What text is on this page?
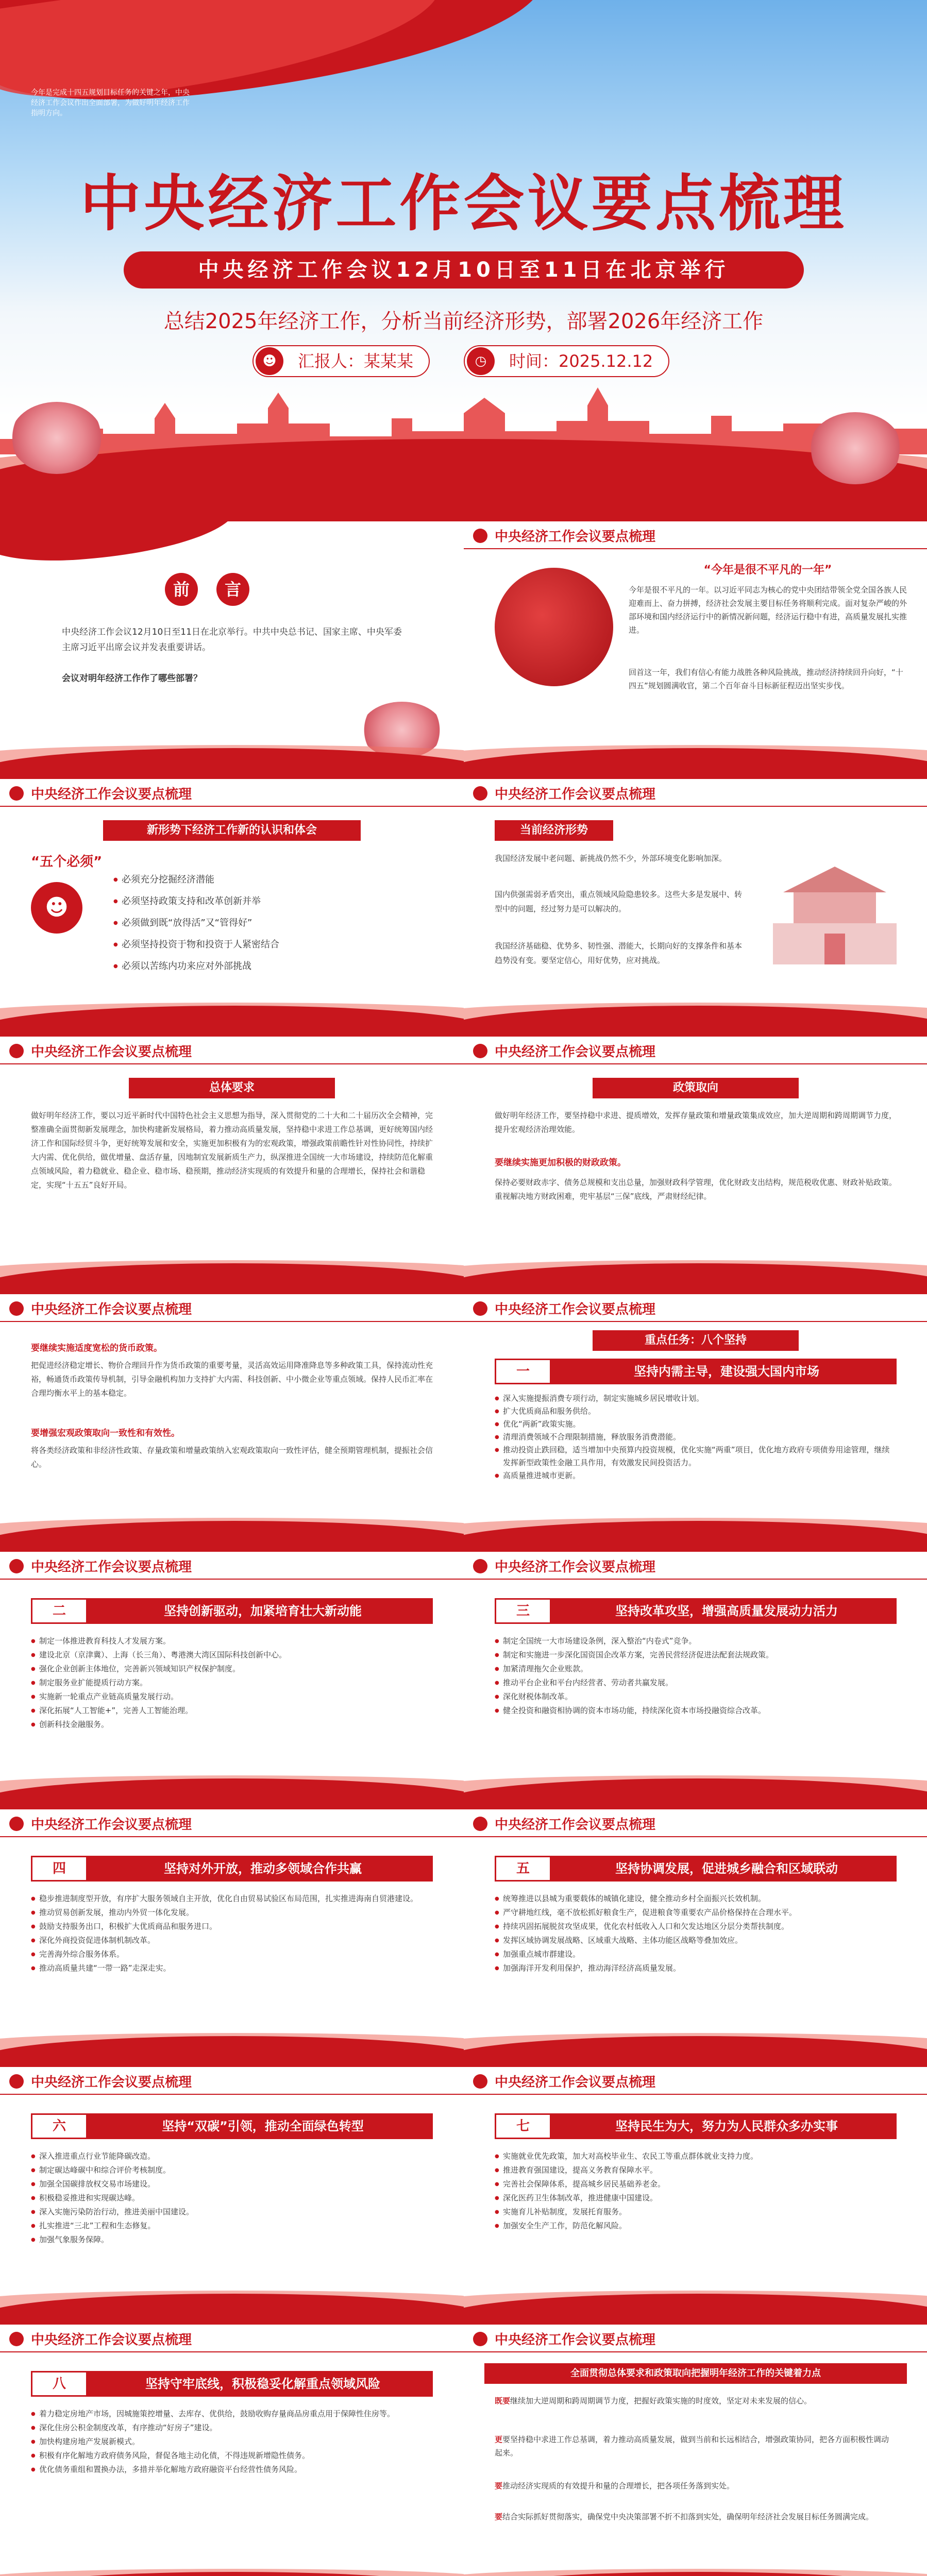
今年是完成十四五规划目标任务的关键之年，中央经济工作会议作出全面部署，为做好明年经济工作指明方向。
中央经济工作会议要点梳理
中央经济工作会议12月10日至11日在北京举行
总结2025年经济工作，分析当前经济形势，部署2026年经济工作
☻	汇报人：某某某	◷	时间：2025.12.12
前	言
中央经济工作会议12月10日至11日在北京举行。中共中央总书记、国家主席、中央军委主席习近平出席会议并发表重要讲话。
会议对明年经济工作作了哪些部署？
中央经济工作会议要点梳理
“今年是很不平凡的一年”
今年是很不平凡的一年。以习近平同志为核心的党中央团结带领全党全国各族人民迎难而上、奋力拼搏，经济社会发展主要目标任务将顺利完成。面对复杂严峻的外部环境和国内经济运行中的新情况新问题，经济运行稳中有进，高质量发展扎实推进。
回首这一年，我们有信心有能力战胜各种风险挑战，推动经济持续回升向好，“十四五”规划圆满收官，第二个百年奋斗目标新征程迈出坚实步伐。
中央经济工作会议要点梳理
新形势下经济工作新的认识和体会
“五个必须”
☻
● 必须充分挖掘经济潜能
● 必须坚持政策支持和改革创新并举
● 必须做到既“放得活”又“管得好”
● 必须坚持投资于物和投资于人紧密结合
● 必须以苦练内功来应对外部挑战
中央经济工作会议要点梳理
当前经济形势
我国经济发展中老问题、新挑战仍然不少，外部环境变化影响加深。
国内供强需弱矛盾突出，重点领域风险隐患较多。这些大多是发展中、转型中的问题，经过努力是可以解决的。
我国经济基础稳、优势多、韧性强、潜能大，长期向好的支撑条件和基本趋势没有变。要坚定信心，用好优势，应对挑战。
中央经济工作会议要点梳理
总体要求
做好明年经济工作，要以习近平新时代中国特色社会主义思想为指导，深入贯彻党的二十大和二十届历次全会精神，完整准确全面贯彻新发展理念，加快构建新发展格局，着力推动高质量发展，坚持稳中求进工作总基调，更好统筹国内经济工作和国际经贸斗争，更好统筹发展和安全，实施更加积极有为的宏观政策，增强政策前瞻性针对性协同性，持续扩大内需、优化供给，做优增量、盘活存量，因地制宜发展新质生产力，纵深推进全国统一大市场建设，持续防范化解重点领域风险，着力稳就业、稳企业、稳市场、稳预期，推动经济实现质的有效提升和量的合理增长，保持社会和谐稳定，实现“十五五”良好开局。
中央经济工作会议要点梳理
政策取向
做好明年经济工作，要坚持稳中求进、提质增效，发挥存量政策和增量政策集成效应，加大逆周期和跨周期调节力度，提升宏观经济治理效能。
要继续实施更加积极的财政政策。
保持必要财政赤字、债务总规模和支出总量，加强财政科学管理，优化财政支出结构，规范税收优惠、财政补贴政策。重视解决地方财政困难，兜牢基层“三保”底线，严肃财经纪律。
中央经济工作会议要点梳理
要继续实施适度宽松的货币政策。
把促进经济稳定增长、物价合理回升作为货币政策的重要考量，灵活高效运用降准降息等多种政策工具，保持流动性充裕，畅通货币政策传导机制，引导金融机构加力支持扩大内需、科技创新、中小微企业等重点领域。保持人民币汇率在合理均衡水平上的基本稳定。
要增强宏观政策取向一致性和有效性。
将各类经济政策和非经济性政策、存量政策和增量政策纳入宏观政策取向一致性评估，健全预期管理机制，提振社会信心。
中央经济工作会议要点梳理
重点任务：八个坚持
一	坚持内需主导，建设强大国内市场
● 深入实施提振消费专项行动，制定实施城乡居民增收计划。
● 扩大优质商品和服务供给。
● 优化“两新”政策实施。
● 清理消费领域不合理限制措施，释放服务消费潜能。
● 推动投资止跌回稳，适当增加中央预算内投资规模，优化实施“两重”项目，优化地方政府专项债券用途管理，继续发挥新型政策性金融工具作用，有效激发民间投资活力。
● 高质量推进城市更新。
中央经济工作会议要点梳理
二	坚持创新驱动，加紧培育壮大新动能
● 制定一体推进教育科技人才发展方案。
● 建设北京（京津冀）、上海（长三角）、粤港澳大湾区国际科技创新中心。
● 强化企业创新主体地位，完善新兴领域知识产权保护制度。
● 制定服务业扩能提质行动方案。
● 实施新一轮重点产业链高质量发展行动。
● 深化拓展“人工智能+”，完善人工智能治理。
● 创新科技金融服务。
中央经济工作会议要点梳理
三	坚持改革攻坚，增强高质量发展动力活力
● 制定全国统一大市场建设条例，深入整治“内卷式”竞争。
● 制定和实施进一步深化国资国企改革方案，完善民营经济促进法配套法规政策。
● 加紧清理拖欠企业账款。
● 推动平台企业和平台内经营者、劳动者共赢发展。
● 深化财税体制改革。
● 健全投资和融资相协调的资本市场功能，持续深化资本市场投融资综合改革。
中央经济工作会议要点梳理
四	坚持对外开放，推动多领域合作共赢
● 稳步推进制度型开放，有序扩大服务领域自主开放，优化自由贸易试验区布局范围，扎实推进海南自贸港建设。
● 推动贸易创新发展，推动内外贸一体化发展。
● 鼓励支持服务出口，积极扩大优质商品和服务进口。
● 深化外商投资促进体制机制改革。
● 完善海外综合服务体系。
● 推动高质量共建“一带一路”走深走实。
中央经济工作会议要点梳理
五	坚持协调发展，促进城乡融合和区域联动
● 统筹推进以县城为重要载体的城镇化建设，健全推动乡村全面振兴长效机制。
● 严守耕地红线，毫不放松抓好粮食生产，促进粮食等重要农产品价格保持在合理水平。
● 持续巩固拓展脱贫攻坚成果，优化农村低收入人口和欠发达地区分层分类帮扶制度。
● 发挥区域协调发展战略、区域重大战略、主体功能区战略等叠加效应。
● 加强重点城市群建设。
● 加强海洋开发利用保护，推动海洋经济高质量发展。
中央经济工作会议要点梳理
六	坚持“双碳”引领，推动全面绿色转型
● 深入推进重点行业节能降碳改造。
● 制定碳达峰碳中和综合评价考核制度。
● 加强全国碳排放权交易市场建设。
● 积极稳妥推进和实现碳达峰。
● 深入实施污染防治行动，推进美丽中国建设。
● 扎实推进“三北”工程和生态修复。
● 加强气象服务保障。
中央经济工作会议要点梳理
七	坚持民生为大，努力为人民群众多办实事
● 实施就业优先政策，加大对高校毕业生、农民工等重点群体就业支持力度。
● 推进教育强国建设，提高义务教育保障水平。
● 完善社会保障体系，提高城乡居民基础养老金。
● 深化医药卫生体制改革，推进健康中国建设。
● 实施育儿补贴制度，发展托育服务。
● 加强安全生产工作，防范化解风险。
中央经济工作会议要点梳理
八	坚持守牢底线，积极稳妥化解重点领域风险
● 着力稳定房地产市场，因城施策控增量、去库存、优供给，鼓励收购存量商品房重点用于保障性住房等。
● 深化住房公积金制度改革，有序推动“好房子”建设。
● 加快构建房地产发展新模式。
● 积极有序化解地方政府债务风险，督促各地主动化债，不得违规新增隐性债务。
● 优化债务重组和置换办法，多措并举化解地方政府融资平台经营性债务风险。
中央经济工作会议要点梳理
全面贯彻总体要求和政策取向把握明年经济工作的关键着力点
既要继续加大逆周期和跨周期调节力度，把握好政策实施的时度效，坚定对未来发展的信心。
更要坚持稳中求进工作总基调，着力推动高质量发展，做到当前和长远相结合，增强政策协同，把各方面积极性调动起来。
要推动经济实现质的有效提升和量的合理增长，把各项任务落到实处。
要结合实际抓好贯彻落实，确保党中央决策部署不折不扣落到实处，确保明年经济社会发展目标任务圆满完成。
